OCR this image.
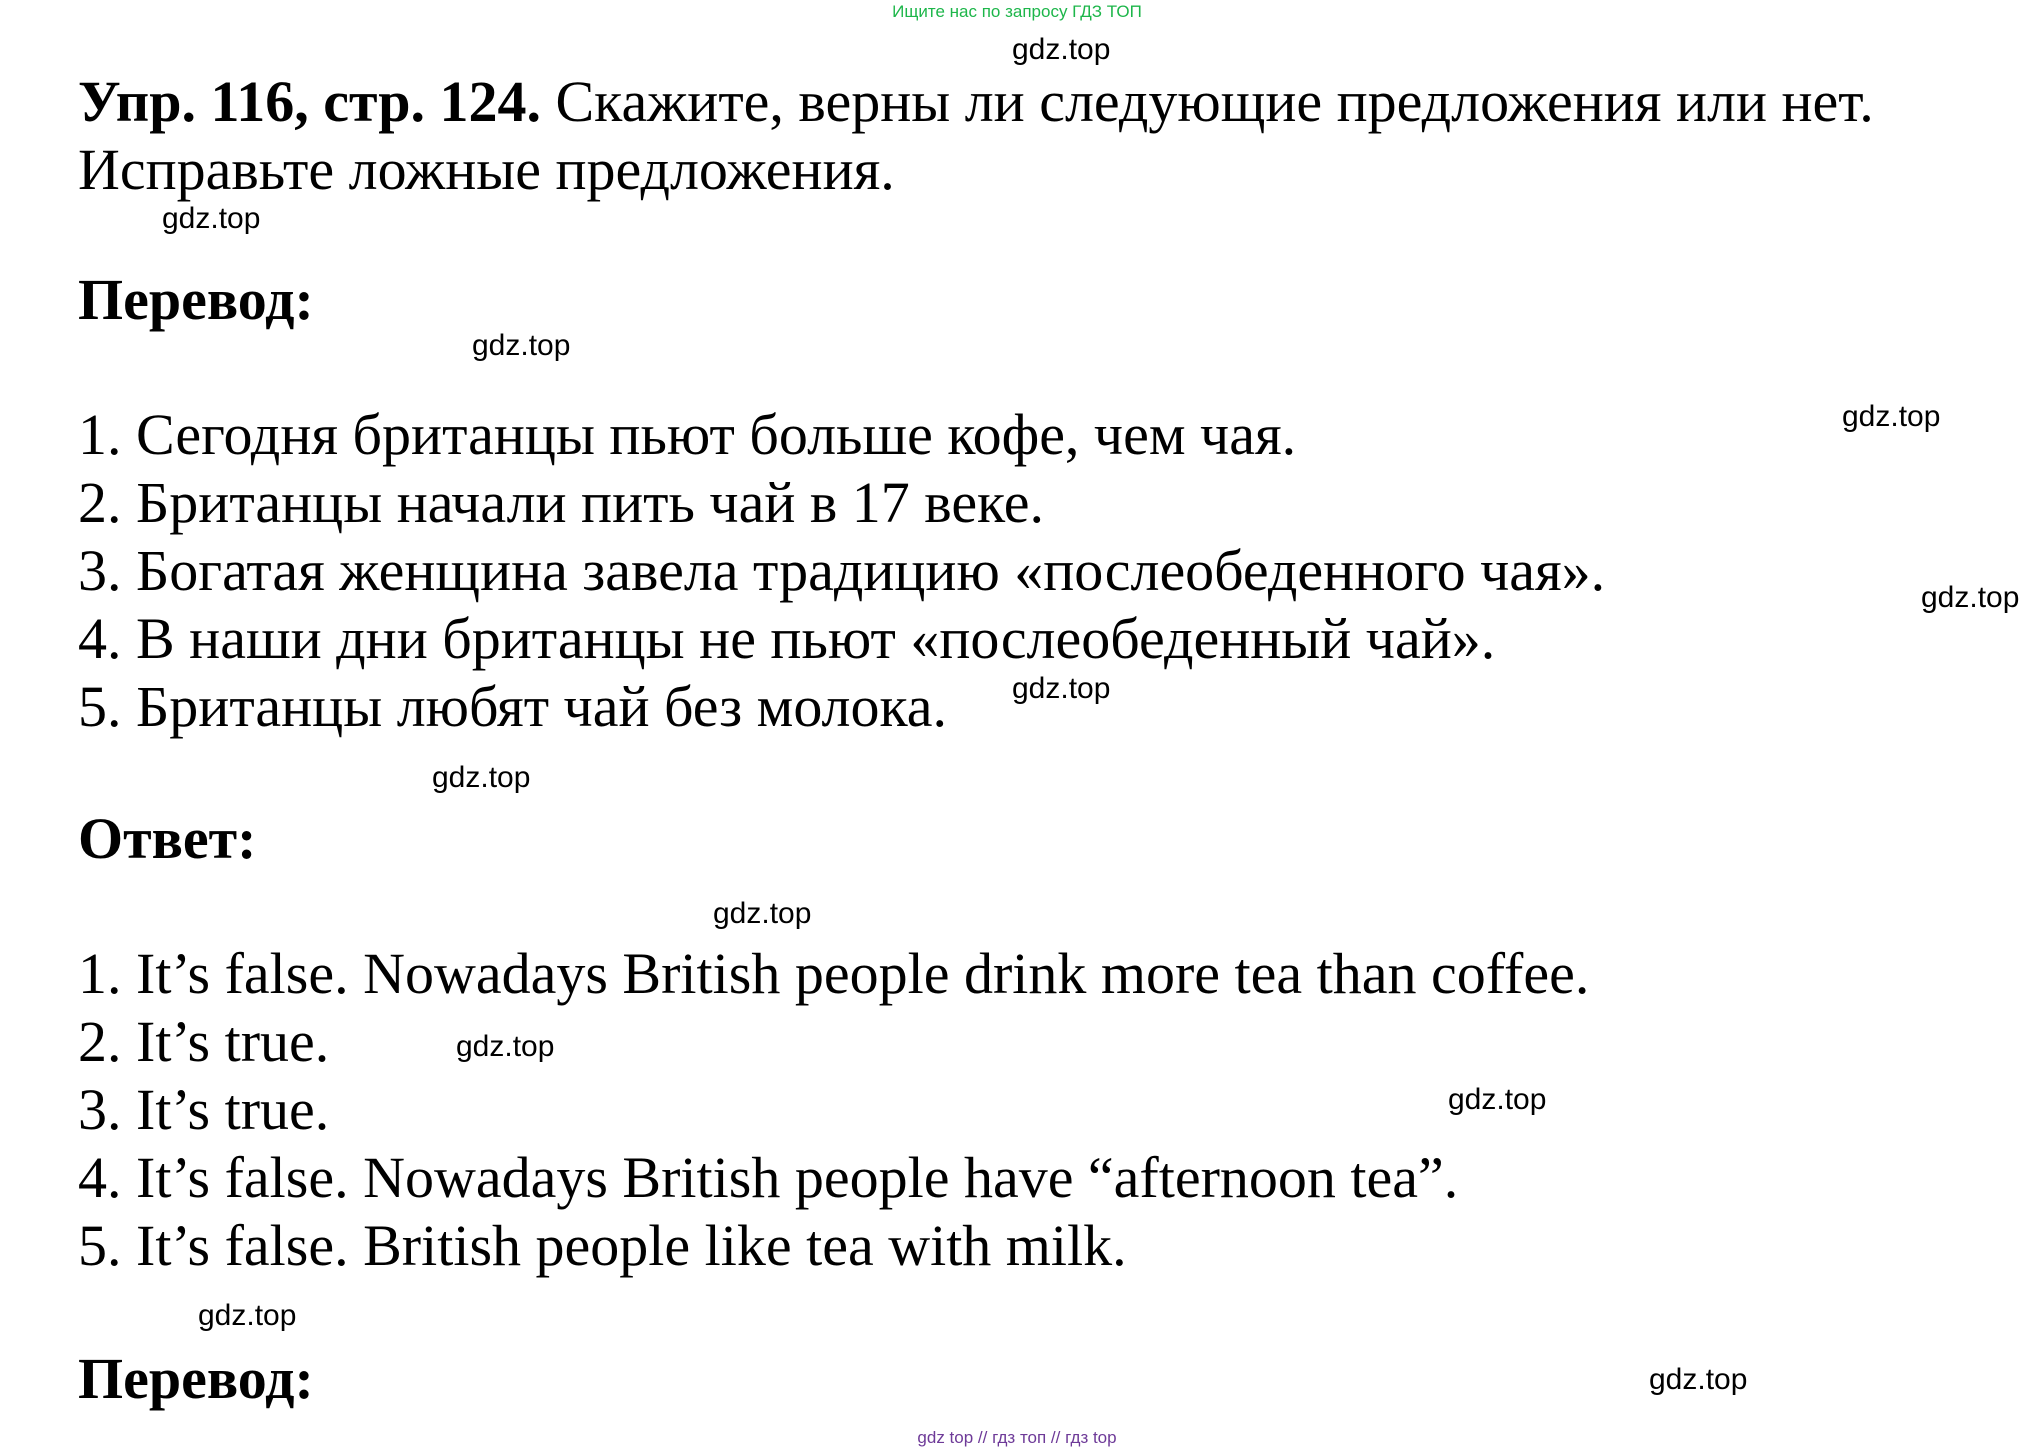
Ищите нас по запросу ГДЗ ТОП
Упр. 116, стр. 124. Скажите, верны ли следующие предложения или нет.
Исправьте ложные предложения.
Перевод:
1. Сегодня британцы пьют больше кофе, чем чая.
2. Британцы начали пить чай в 17 веке.
3. Богатая женщина завела традицию «послеобеденного чая».
4. В наши дни британцы не пьют «послеобеденный чай».
5. Британцы любят чай без молока.
Ответ:
1. It’s false. Nowadays British people drink more tea than coffee.
2. It’s true.
3. It’s true.
4. It’s false. Nowadays British people have “afternoon tea”.
5. It’s false. British people like tea with milk.
Перевод:
gdz.top
gdz.top
gdz.top
gdz.top
gdz.top
gdz.top
gdz.top
gdz.top
gdz.top
gdz.top
gdz.top
gdz.top
gdz top // гдз топ // гдз top
